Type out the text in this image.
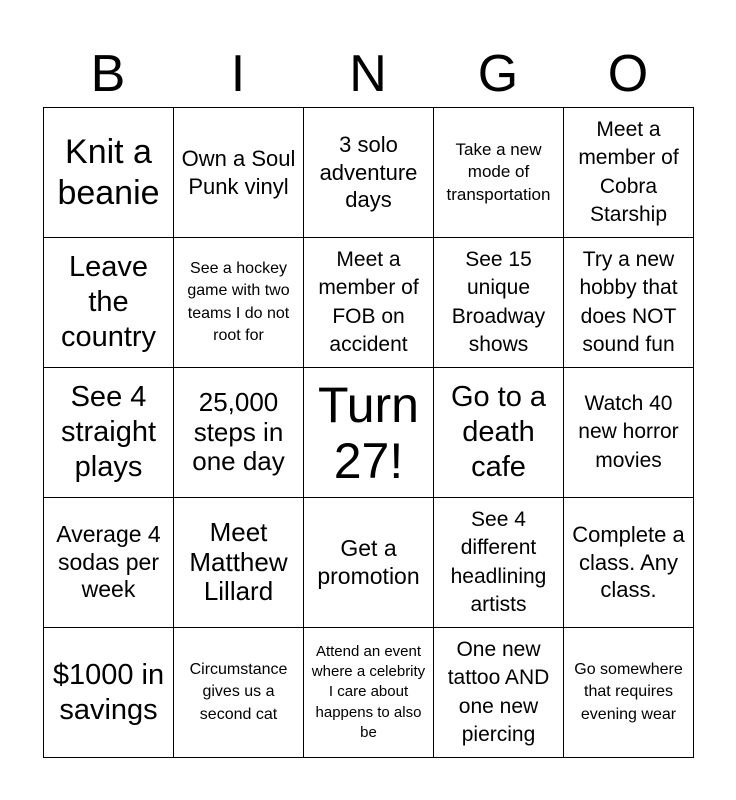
B	I	N	G	O
Knit a beanie	Own a Soul Punk vinyl	3 solo adventure days	Take a new mode of transportation	Meet a member of Cobra Starship
Leave the country	See a hockey game with two teams I do not root for	Meet a member of FOB on accident	See 15 unique Broadway shows	Try a new hobby that does NOT sound fun
See 4 straight plays	25,000 steps in one day	Turn 27!	Go to a death cafe	Watch 40 new horror movies
Average 4 sodas per week	Meet Matthew Lillard	Get a promotion	See 4 different headlining artists	Complete a class. Any class.
$1000 in savings	Circumstance gives us a second cat	Attend an event where a celebrity I care about happens to also be	One new tattoo AND one new piercing	Go somewhere that requires evening wear
